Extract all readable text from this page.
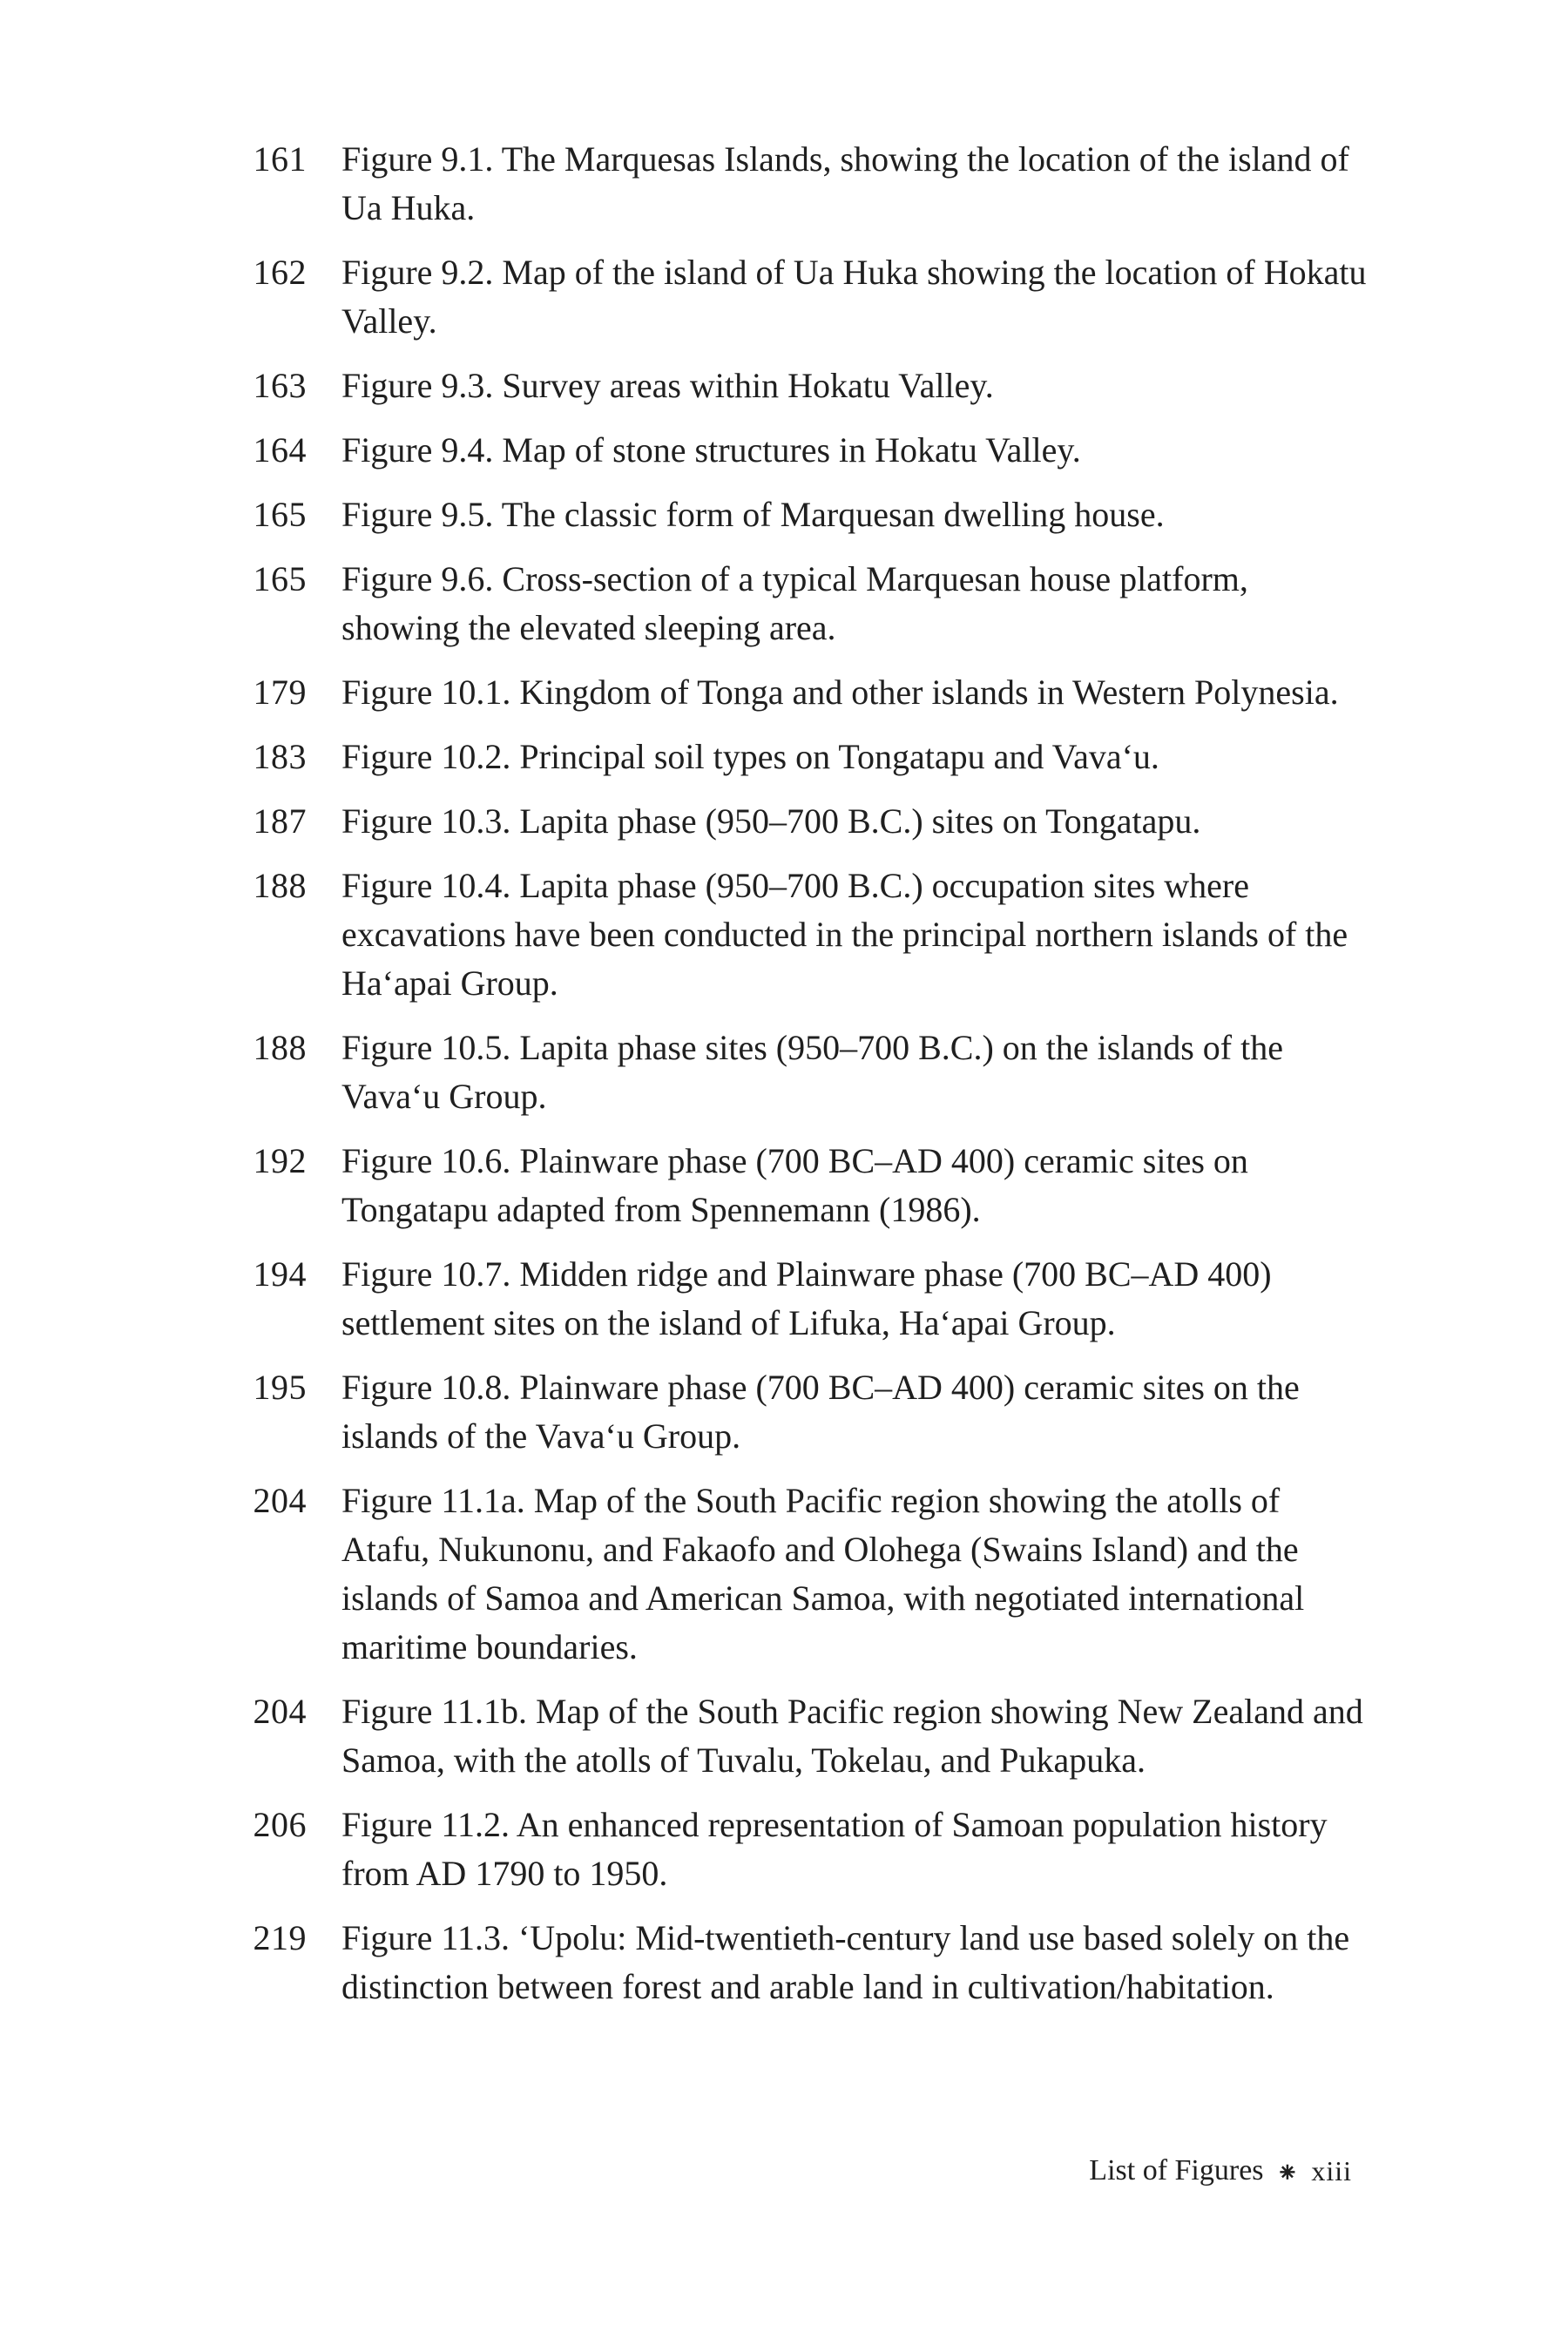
161	Figure 9.1. The Marquesas Islands, showing the location of the island of Ua Huka.
162	Figure 9.2. Map of the island of Ua Huka showing the location of Hokatu Valley.
163	Figure 9.3. Survey areas within Hokatu Valley.
164	Figure 9.4. Map of stone structures in Hokatu Valley.
165	Figure 9.5. The classic form of Marquesan dwelling house.
165	Figure 9.6. Cross-section of a typical Marquesan house platform, showing the elevated sleeping area.
179	Figure 10.1. Kingdom of Tonga and other islands in Western Polynesia.
183	Figure 10.2. Principal soil types on Tongatapu and Vava‘u.
187	Figure 10.3. Lapita phase (950–700 B.C.) sites on Tongatapu.
188	Figure 10.4. Lapita phase (950–700 B.C.) occupation sites where excavations have been conducted in the principal northern islands of the Ha‘apai Group.
188	Figure 10.5. Lapita phase sites (950–700 B.C.) on the islands of the Vava‘u Group.
192	Figure 10.6. Plainware phase (700 BC–AD 400) ceramic sites on Tongatapu adapted from Spennemann (1986).
194	Figure 10.7. Midden ridge and Plainware phase (700 BC–AD 400) settlement sites on the island of Lifuka, Ha‘apai Group.
195	Figure 10.8. Plainware phase (700 BC–AD 400) ceramic sites on the islands of the Vava‘u Group.
204	Figure 11.1a. Map of the South Pacific region showing the atolls of Atafu, Nukunonu, and Fakaofo and Olohega (Swains Island) and the islands of Samoa and American Samoa, with negotiated international maritime boundaries.
204	Figure 11.1b. Map of the South Pacific region showing New Zealand and Samoa, with the atolls of Tuvalu, Tokelau, and Pukapuka.
206	Figure 11.2. An enhanced representation of Samoan population history from AD 1790 to 1950.
219	Figure 11.3. ‘Upolu: Mid-twentieth-century land use based solely on the distinction between forest and arable land in cultivation/habitation.
List of Figures ⁕ xiii
